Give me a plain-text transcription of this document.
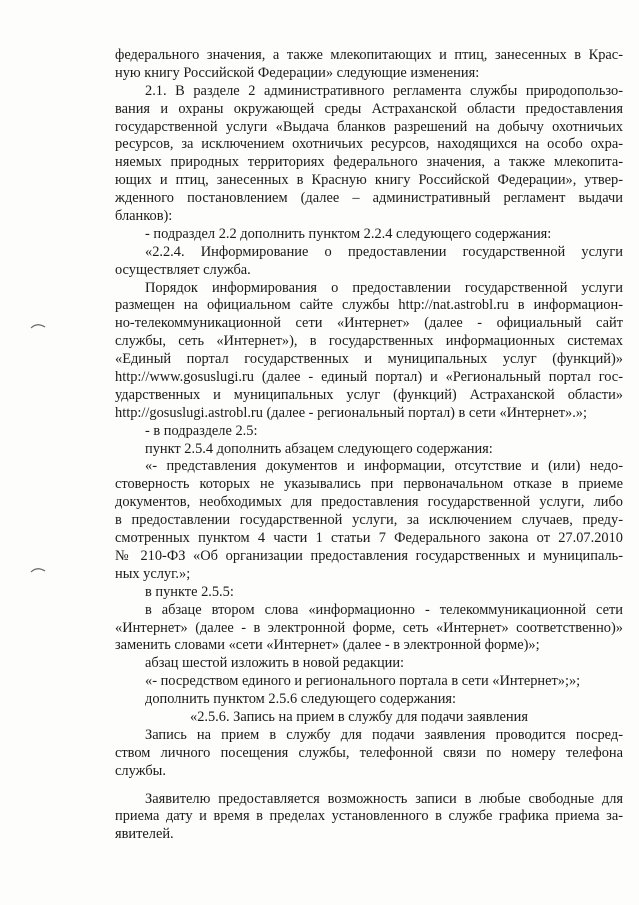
федерального значения, а также млекопитающих и птиц, занесенных в Крас-
ную книгу Российской Федерации» следующие изменения:
2.1. В разделе 2 административного регламента службы природопользо-
вания и охраны окружающей среды Астраханской области предоставления
государственной услуги «Выдача бланков разрешений на добычу охотничьих
ресурсов, за исключением охотничьих ресурсов, находящихся на особо охра-
няемых природных территориях федерального значения, а также млекопита-
ющих и птиц, занесенных в Красную книгу Российской Федерации», утвер-
жденного постановлением (далее – административный регламент выдачи
бланков):
- подраздел 2.2 дополнить пунктом 2.2.4 следующего содержания:
«2.2.4. Информирование о предоставлении государственной услуги
осуществляет служба.
Порядок информирования о предоставлении государственной услуги
размещен на официальном сайте службы http://nat.astrobl.ru в информацион-
но-телекоммуникационной сети «Интернет» (далее - официальный сайт
службы, сеть «Интернет»), в государственных информационных системах
«Единый портал государственных и муниципальных услуг (функций)»
http://www.gosuslugi.ru (далее - единый портал) и «Региональный портал гос-
ударственных и муниципальных услуг (функций) Астраханской области»
http://gosuslugi.astrobl.ru (далее - региональный портал) в сети «Интернет».»;
- в подразделе 2.5:
пункт 2.5.4 дополнить абзацем следующего содержания:
«- представления документов и информации, отсутствие и (или) недо-
стоверность которых не указывались при первоначальном отказе в приеме
документов, необходимых для предоставления государственной услуги, либо
в предоставлении государственной услуги, за исключением случаев, преду-
смотренных пунктом 4 части 1 статьи 7 Федерального закона от 27.07.2010
№ 210-ФЗ «Об организации предоставления государственных и муниципаль-
ных услуг.»;
в пункте 2.5.5:
в абзаце втором слова «информационно - телекоммуникационной сети
«Интернет» (далее - в электронной форме, сеть «Интернет» соответственно)»
заменить словами «сети «Интернет» (далее - в электронной форме)»;
абзац шестой изложить в новой редакции:
«- посредством единого и регионального портала в сети «Интернет»;»;
дополнить пунктом 2.5.6 следующего содержания:
«2.5.6. Запись на прием в службу для подачи заявления
Запись на прием в службу для подачи заявления проводится посред-
ством личного посещения службы, телефонной связи по номеру телефона
службы.
Заявителю предоставляется возможность записи в любые свободные для
приема дату и время в пределах установленного в службе графика приема за-
явителей.
